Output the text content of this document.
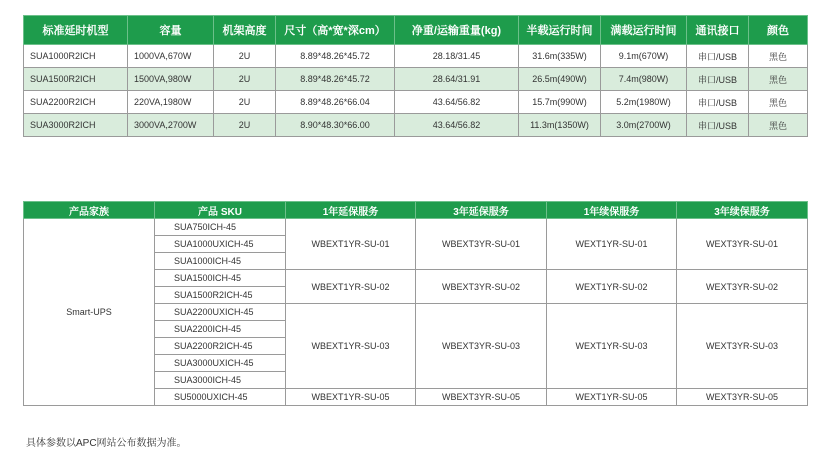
标准延时机型	容量	机架高度	尺寸（高*宽*深cm）	净重/运输重量(kg)	半载运行时间	满载运行时间	通讯接口	颜色
SUA1000R2ICH	1000VA,670W	2U	8.89*48.26*45.72	28.18/31.45	31.6m(335W)	9.1m(670W)	串口/USB	黑色
SUA1500R2ICH	1500VA,980W	2U	8.89*48.26*45.72	28.64/31.91	26.5m(490W)	7.4m(980W)	串口/USB	黑色
SUA2200R2ICH	220VA,1980W	2U	8.89*48.26*66.04	43.64/56.82	15.7m(990W)	5.2m(1980W)	串口/USB	黑色
SUA3000R2ICH	3000VA,2700W	2U	8.90*48.30*66.00	43.64/56.82	11.3m(1350W)	3.0m(2700W)	串口/USB	黑色
产品家族	产品 SKU	1年延保服务	3年延保服务	1年续保服务	3年续保服务
Smart-UPS	SUA750ICH-45	WBEXT1YR-SU-01	WBEXT3YR-SU-01	WEXT1YR-SU-01	WEXT3YR-SU-01
	SUA1000UXICH-45				
	SUA1000ICH-45				
	SUA1500ICH-45	WBEXT1YR-SU-02	WBEXT3YR-SU-02	WEXT1YR-SU-02	WEXT3YR-SU-02
	SUA1500R2ICH-45				
	SUA2200UXICH-45	WBEXT1YR-SU-03	WBEXT3YR-SU-03	WEXT1YR-SU-03	WEXT3YR-SU-03
	SUA2200ICH-45				
	SUA2200R2ICH-45				
	SUA3000UXICH-45				
	SUA3000ICH-45				
	SU5000UXICH-45	WBEXT1YR-SU-05	WBEXT3YR-SU-05	WEXT1YR-SU-05	WEXT3YR-SU-05
具体参数以APC网站公布数据为准。
